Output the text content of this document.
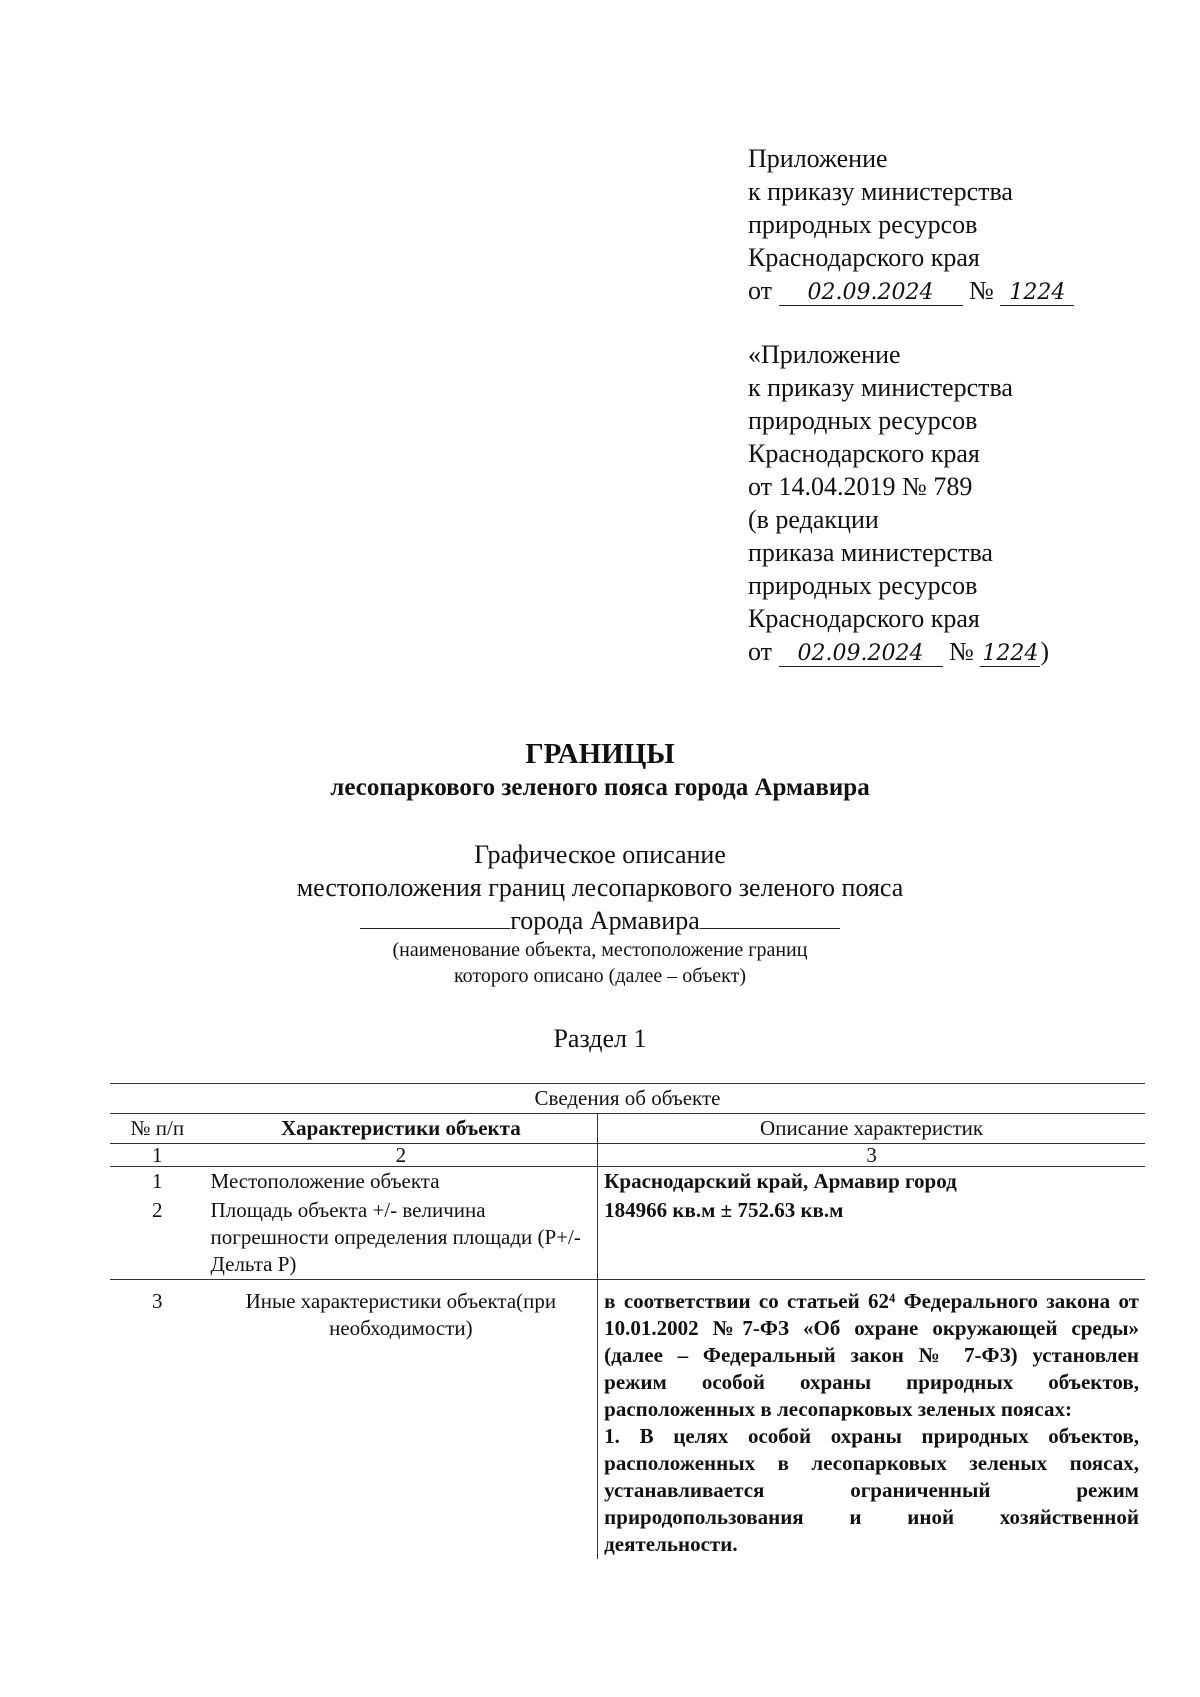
Приложение
к приказу министерства
природных ресурсов
Краснодарского края
от 02.09.2024 № 1224
«Приложение
к приказу министерства
природных ресурсов
Краснодарского края
от 14.04.2019 № 789
(в редакции
приказа министерства
природных ресурсов
Краснодарского края
от 02.09.2024 № 1224)
ГРАНИЦЫ
лесопаркового зеленого пояса города Армавира
Графическое описание
местоположения границ лесопаркового зеленого пояса
города Армавира
(наименование объекта, местоположение границ
которого описано (далее – объект)
Раздел 1
Сведения об объекте		
№ п/п	Характеристики объекта	Описание характеристик
1	2	3
1	Местоположение объекта	Краснодарский край, Армавир город
2	Площадь объекта +/- величина погрешности определения площади (Р+/- Дельта Р)	184966 кв.м ± 752.63 кв.м
3	Иные характеристики объекта(при необходимости)	в соответствии со статьей 62⁴ Федерального закона от 10.01.2002 №7-ФЗ «Об охране окружающей среды» (далее – Федеральный закон № 7-ФЗ) установлен режим особой охраны природных объектов, расположенных в лесопарковых зеленых поясах:
1. В целях особой охраны природных объектов, расположенных в лесопарковых зеленых поясах, устанавливается ограниченный режим природопользования и иной хозяйственной деятельности.
